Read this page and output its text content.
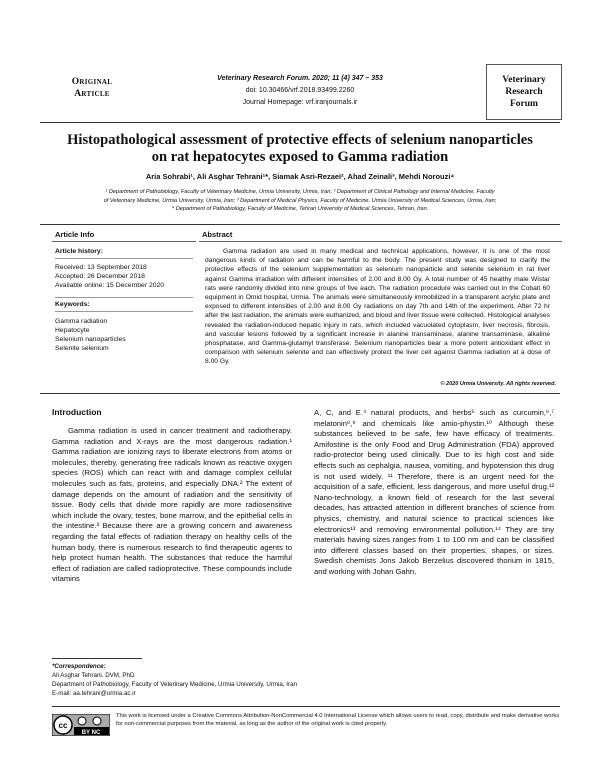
Original
Article
Veterinary Research Forum. 2020; 11 (4) 347 – 353
doi: 10.30466/vrf.2018.93499.2260
Journal Homepage: vrf.iranjournals.ir
Veterinary
Research
Forum
Histopathological assessment of protective effects of selenium nanoparticles
on rat hepatocytes exposed to Gamma radiation
Aria Sohrabi¹, Ali Asghar Tehrani¹*, Siamak Asri-Rezaei², Ahad Zeinali³, Mehdi Norouzi⁴
¹ Department of Pathobiology, Faculty of Veterinary Medicine, Urmia University, Urmia, Iran; ² Department of Clinical Pathology and Internal Medicine, Faculty
of Veterinary Medicine, Urmia University, Urmia, Iran; ³ Department of Medical Physics, Faculty of Medicine, Urmia University of Medical Sciences, Urmia, Iran;
⁴ Department of Pathobiology, Faculty of Medicine, Tehran University of Medical Sciences, Tehran, Iran.
Article Info
Article history:
Received: 13 September 2018
Accepted: 26 December 2018
Available online: 15 December 2020
Keywords:
Gamma radiation
Hepatocyte
Selenium nanoparticles
Selenite selenium
Abstract
Gamma radiation are used in many medical and technical applications, however, it is one of the most dangerous kinds of radiation and can be harmful to the body. The present study was designed to clarify the protective effects of the selenium supplementation as selenium nanoparticle and selenite selenium in rat liver against Gamma irradiation with different intensities of 2.00 and 8.00 Gy. A total number of 45 healthy male Wistar rats were randomly divided into nine groups of five each. The radiation procedure was carried out in the Cobalt 60 equipment in Omid hospital, Urmia. The animals were simultaneously immobilized in a transparent acrylic plate and exposed to different intensities of 2.00 and 8.00 Gy radiations on day 7th and 14th of the experiment. After 72 hr after the last radiation, the animals were euthanized, and blood and liver tissue were collected. Histological analyses revealed the radiation-induced hepatic injury in rats, which included vacuolated cytoplasm, liver necrosis, fibrosis, and vascular lesions followed by a significant increase in alanine transaminase, alanine transaminase, alkaline phosphatase, and Gamma-glutamyl transferase. Selenium nanoparticles bear a more potent antioxidant effect in comparison with selenium selenite and can effectively protect the liver cell against Gamma radiation at a dose of 8.00 Gy.
© 2020 Urmia University. All rights reserved.
Introduction

Gamma radiation is used in cancer treatment and radiotherapy. Gamma radiation and X-rays are the most dangerous radiation.¹ Gamma radiation are ionizing rays to liberate electrons from atoms or molecules, thereby, generating free radicals known as reactive oxygen species (ROS) which can react with and damage complex cellular molecules such as fats, proteins, and especially DNA.² The extent of damage depends on the amount of radiation and the sensitivity of tissue. Body cells that divide more rapidly are more radiosensitive which include the ovary, testes, bone marrow, and the epithelial cells in the intestine.³ Because there are a growing concern and awareness regarding the fatal effects of radiation therapy on healthy cells of the human body, there is numerous research to find therapeutic agents to help protect human health. The substances that reduce the harmful effect of radiation are called radioprotective. These compounds include vitamins

A, C, and E.⁴ natural products, and herbs⁵ such as curcumin,⁶,⁷ melatonin⁸,⁹ and chemicals like amio-phystin.¹⁰ Although these substances believed to be safe, few have efficacy of treatments. Amifostine is the only Food and Drug Administration (FDA) approved radio-protector being used clinically. Due to its high cost and side effects such as cephalgia, nausea, vomiting, and hypotension this drug is not used widely. ¹¹ Therefore, there is an urgent need for the acquisition of a safe, efficient, less dangerous, and more useful drug.¹² Nano-technology, a known field of research for the last several decades, has attracted attention in different branches of science from physics, chemistry, and natural science to practical sciences like electronics¹³ and removing environmental pollution.¹⁴ They are tiny materials having sizes ranges from 1 to 100 nm and can be classified into different classes based on their properties, shapes, or sizes. Swedish chemists Jons Jakob Berzelius discovered thorium in 1815, and working with Johan Gahn,

*Correspondence:
Ali Asghar Tehrani. DVM, PhD
Department of Pathobiology, Faculty of Veterinary Medicine, Urmia University, Urmia, Iran
E-mail: aa.tehrani@urmia.ac.ir
cc
BY NC
This work is licensed under a Creative Commons Attribution-NonCommercial 4.0 International License which allows users to read, copy, distribute and make derivative works for non-commercial purposes from the material, as long as the author of the original work is cited properly.
